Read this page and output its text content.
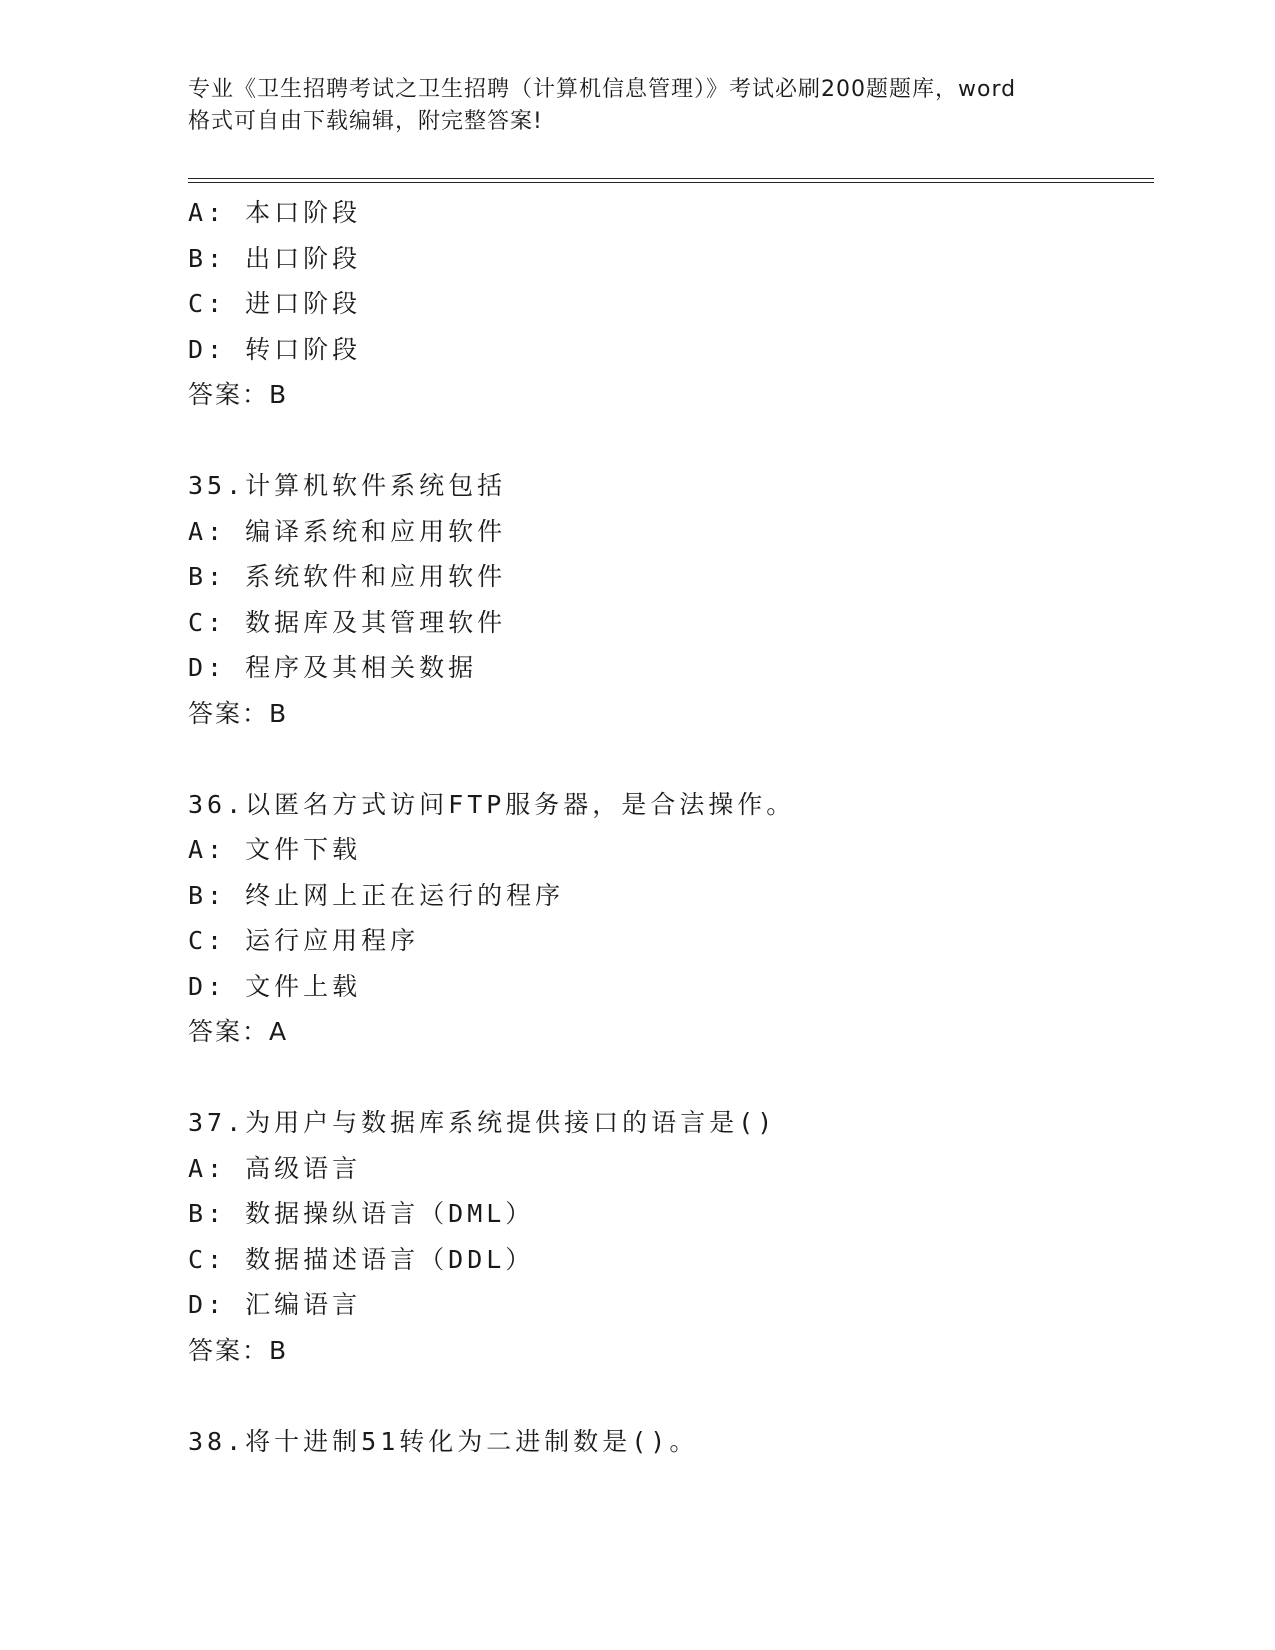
专业《卫生招聘考试之卫生招聘（计算机信息管理）》考试必刷200题题库，word
格式可自由下载编辑，附完整答案!
A: 本口阶段
B: 出口阶段
C: 进口阶段
D: 转口阶段
答案：B
35.计算机软件系统包括
A: 编译系统和应用软件
B: 系统软件和应用软件
C: 数据库及其管理软件
D: 程序及其相关数据
答案：B
36.以匿名方式访问FTP服务器，是合法操作。
A: 文件下载
B: 终止网上正在运行的程序
C: 运行应用程序
D: 文件上载
答案：A
37.为用户与数据库系统提供接口的语言是()
A: 高级语言
B: 数据操纵语言（DML）
C: 数据描述语言（DDL）
D: 汇编语言
答案：B
38.将十进制51转化为二进制数是()。
